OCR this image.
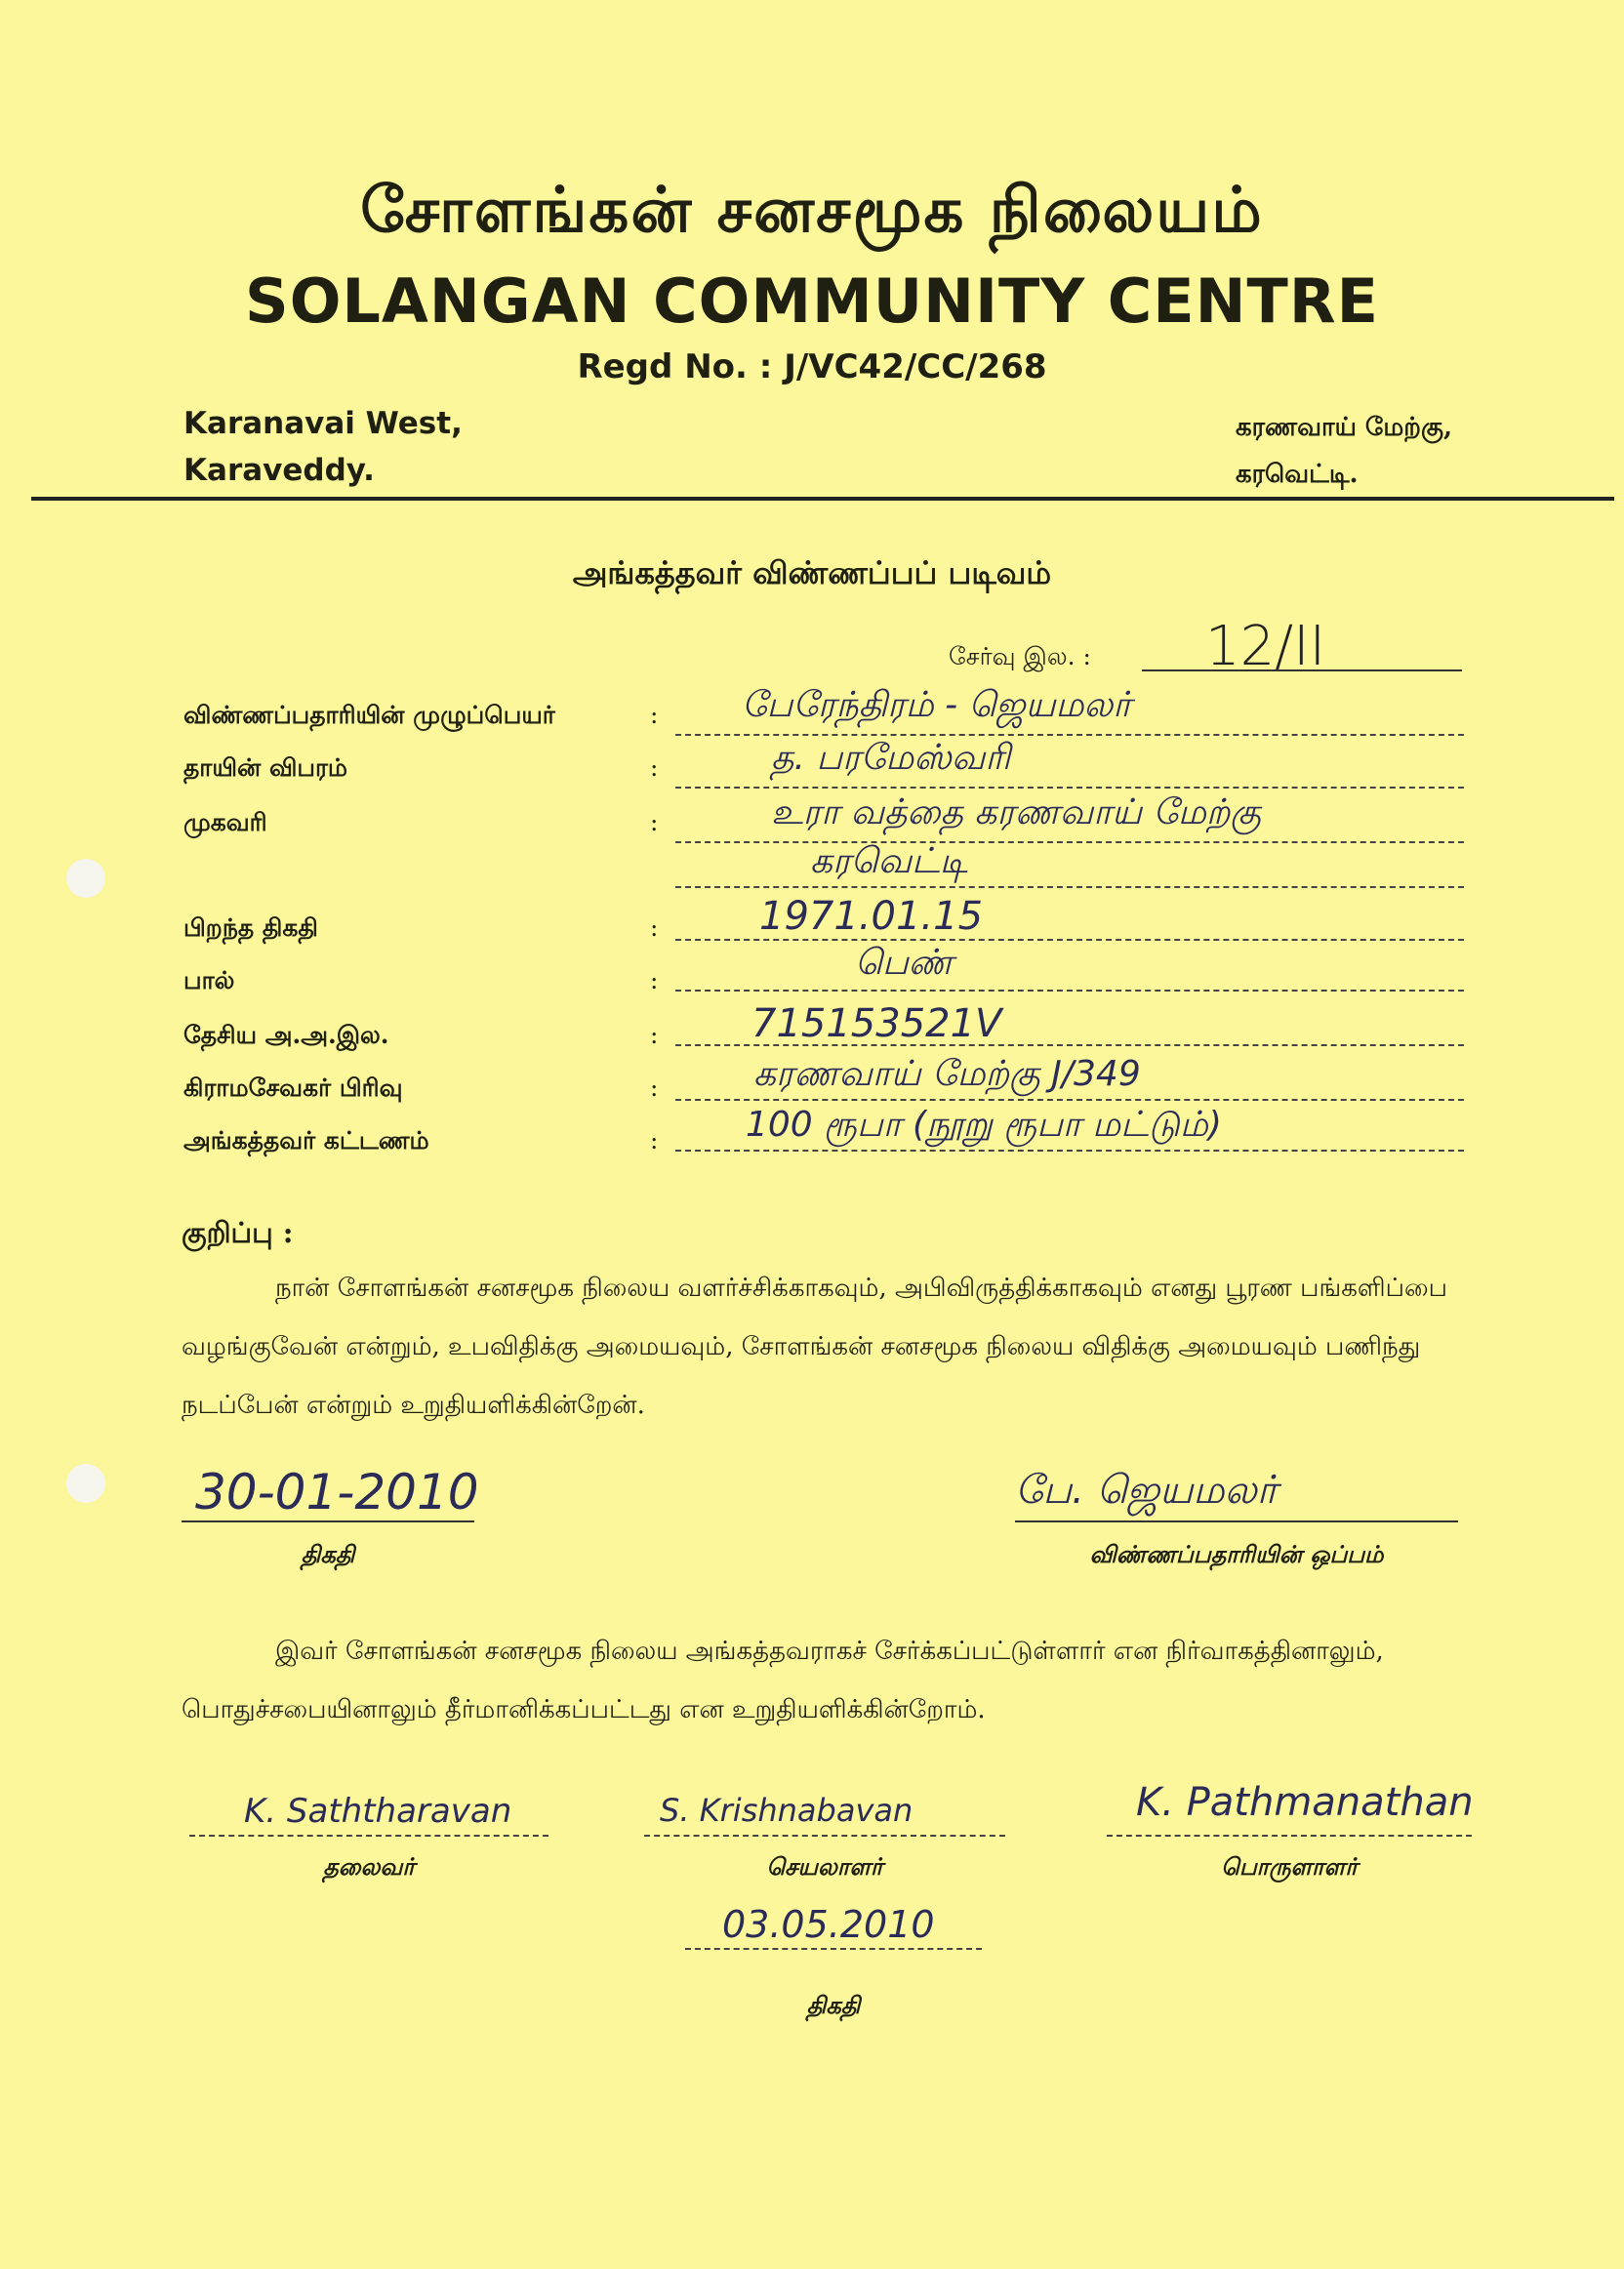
சோளங்கன் சனசமூக நிலையம்
SOLANGAN COMMUNITY CENTRE
Regd No. : J/VC42/CC/268
Karanavai West,
Karaveddy.
கரணவாய் மேற்கு,
கரவெட்டி.
அங்கத்தவர் விண்ணப்பப் படிவம்
சேர்வு இல. : 12/II
விண்ணப்பதாரியின் முழுப்பெயர்	: பேரேந்திரம் - ஜெயமலர்
தாயின் விபரம்	:	த. பரமேஸ்வரி
முகவரி	:	உரா வத்தை கரணவாய் மேற்கு
கரவெட்டி
பிறந்த திகதி	:	1971.01.15
பால்	:	பெண்
தேசிய அ.அ.இல.	: 715153521V
கிராமசேவகர் பிரிவு	:	கரணவாய் மேற்கு J/349
அங்கத்தவர் கட்டணம்	: 100 ரூபா (நூறு ரூபா மட்டும்)
குறிப்பு :
நான் சோளங்கன் சனசமூக நிலைய வளர்ச்சிக்காகவும், அபிவிருத்திக்காகவும் எனது பூரண பங்களிப்பை வழங்குவேன் என்றும், உபவிதிக்கு அமையவும், சோளங்கன் சனசமூக நிலைய விதிக்கு அமையவும் பணிந்து நடப்பேன் என்றும் உறுதியளிக்கின்றேன்.
30-01-2010
திகதி
பே. ஜெயமலர்
விண்ணப்பதாரியின் ஒப்பம்
இவர் சோளங்கன் சனசமூக நிலைய அங்கத்தவராகச் சேர்க்கப்பட்டுள்ளார் என நிர்வாகத்தினாலும், பொதுச்சபையினாலும் தீர்மானிக்கப்பட்டது என உறுதியளிக்கின்றோம்.
K. Saththaravan
தலைவர்
S. Krishnabavan
செயலாளர்
K. Pathmanathan
பொருளாளர்
03.05.2010
திகதி
